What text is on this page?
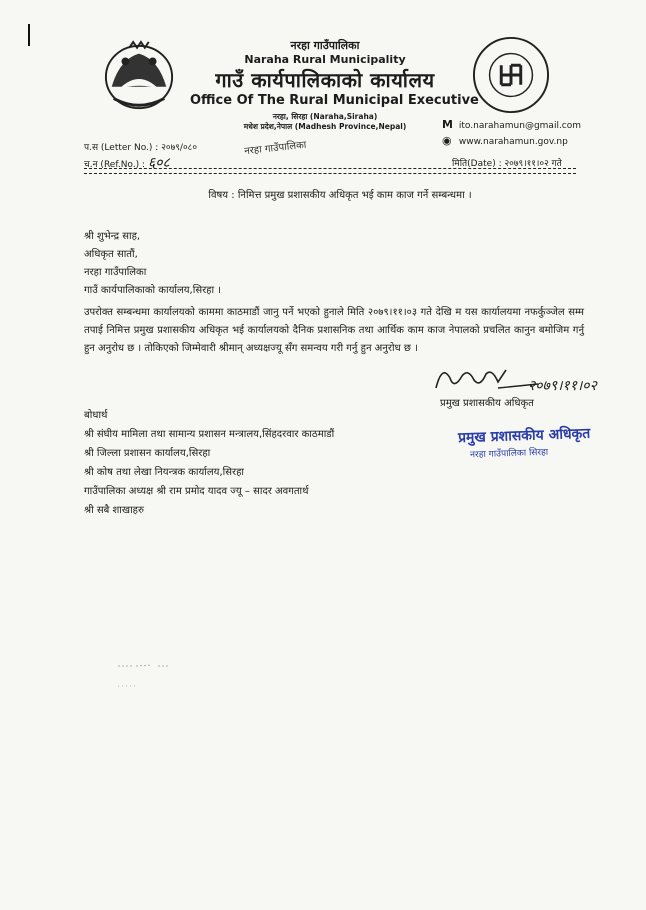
नरहा गाउँपालिका
Naraha Rural Municipality
गाउँ कार्यपालिकाको कार्यालय
Office Of The Rural Municipal Executive
नरहा, सिरहा (Naraha,Siraha)
मधेश प्रदेश,नेपाल (Madhesh Province,Nepal)	M ito.narahamun@gmail.com
◉ www.narahamun.gov.np
प.स (Letter No.) : २०७९/०८०
च.न (Ref.No.) : ६०८
नरहा गाउँपालिका
मिति(Date) : २०७९।११।०२ गते
विषय : निमित्त प्रमुख प्रशासकीय अधिकृत भई काम काज गर्ने सम्बन्धमा ।
श्री शुभेन्द्र साह,
अधिकृत सातौं,
नरहा गाउँपालिका
गाउँ कार्यपालिकाको कार्यालय,सिरहा ।
उपरोक्त सम्बन्धमा कार्यालयको काममा काठमाडौं जानु पर्ने भएको हुनाले मिति २०७९।११।०३ गते देखि म यस कार्यालयमा नफर्कुञ्जेल सम्म तपाई निमित्त प्रमुख प्रशासकीय अधिकृत भई कार्यालयको दैनिक प्रशासनिक तथा आर्थिक काम काज नेपालको प्रचलित कानुन बमोजिम गर्नु हुन अनुरोध छ । तोकिएको जिम्मेवारी श्रीमान् अध्यक्षज्यू सँग समन्वय गरी गर्नु हुन अनुरोध छ ।
२०७९।११।०२
प्रमुख प्रशासकीय अधिकृत
प्रमुख प्रशासकीय अधिकृत
नरहा गाउँपालिका सिरहा
बोधार्थ
श्री संघीय मामिला तथा सामान्य प्रशासन मन्त्रालय,सिंहदरवार काठमाडौं
श्री जिल्ला प्रशासन कार्यालय,सिरहा
श्री कोष तथा लेखा नियन्त्रक कार्यालय,सिरहा
गाउँपालिका अध्यक्ष श्री राम प्रमोद यादव ज्यू – सादर अवगतार्थ
श्री सबै शाखाहरु
